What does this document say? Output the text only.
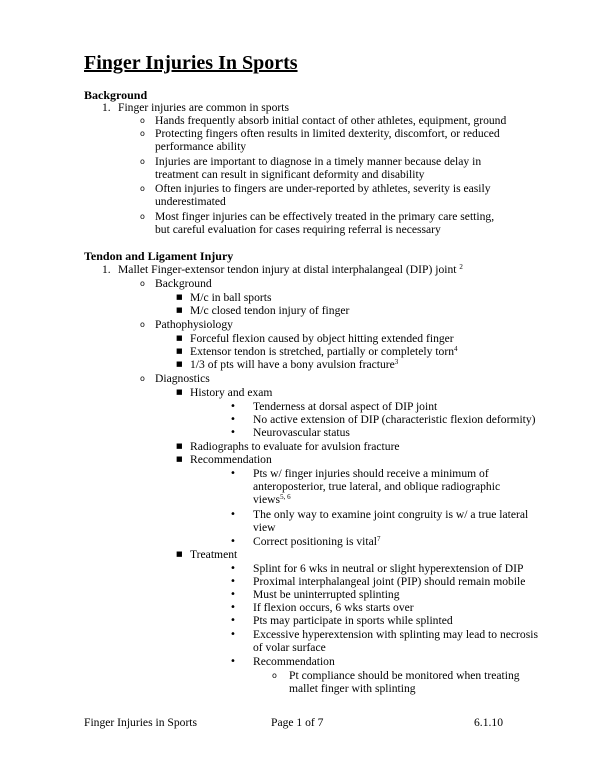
Finger Injuries In Sports
Background
1. Finger injuries are common in sports
o Hands frequently absorb initial contact of other athletes, equipment, ground
o Protecting fingers often results in limited dexterity, discomfort, or reduced
performance ability
o Injuries are important to diagnose in a timely manner because delay in
treatment can result in significant deformity and disability
o Often injuries to fingers are under-reported by athletes, severity is easily
underestimated
o Most finger injuries can be effectively treated in the primary care setting,
but careful evaluation for cases requiring referral is necessary
Tendon and Ligament Injury
1. Mallet Finger-extensor tendon injury at distal interphalangeal (DIP) joint $^2$
o Background
■ M/c in ball sports
■ M/c closed tendon injury of finger
o Pathophysiology
■ Forceful flexion caused by object hitting extended finger
■ Extensor tendon is stretched, partially or completely torn$^4$
■ 1/3 of pts will have a bony avulsion fracture$^3$
o Diagnostics
■ History and exam
• Tenderness at dorsal aspect of DIP joint
• No active extension of DIP (characteristic flexion deformity)
• Neurovascular status
■ Radiographs to evaluate for avulsion fracture
■ Recommendation
• Pts w/ finger injuries should receive a minimum of
anteroposterior, true lateral, and oblique radiographic
views$^{5, 6}$
• The only way to examine joint congruity is w/ a true lateral
view
• Correct positioning is vital$^7$
■ Treatment
• Splint for 6 wks in neutral or slight hyperextension of DIP
• Proximal interphalangeal joint (PIP) should remain mobile
• Must be uninterrupted splinting
• If flexion occurs, 6 wks starts over
• Pts may participate in sports while splinted
• Excessive hyperextension with splinting may lead to necrosis
of volar surface
• Recommendation
o Pt compliance should be monitored when treating
mallet finger with splinting
Finger Injuries in Sports	Page 1 of 7	6.1.10
